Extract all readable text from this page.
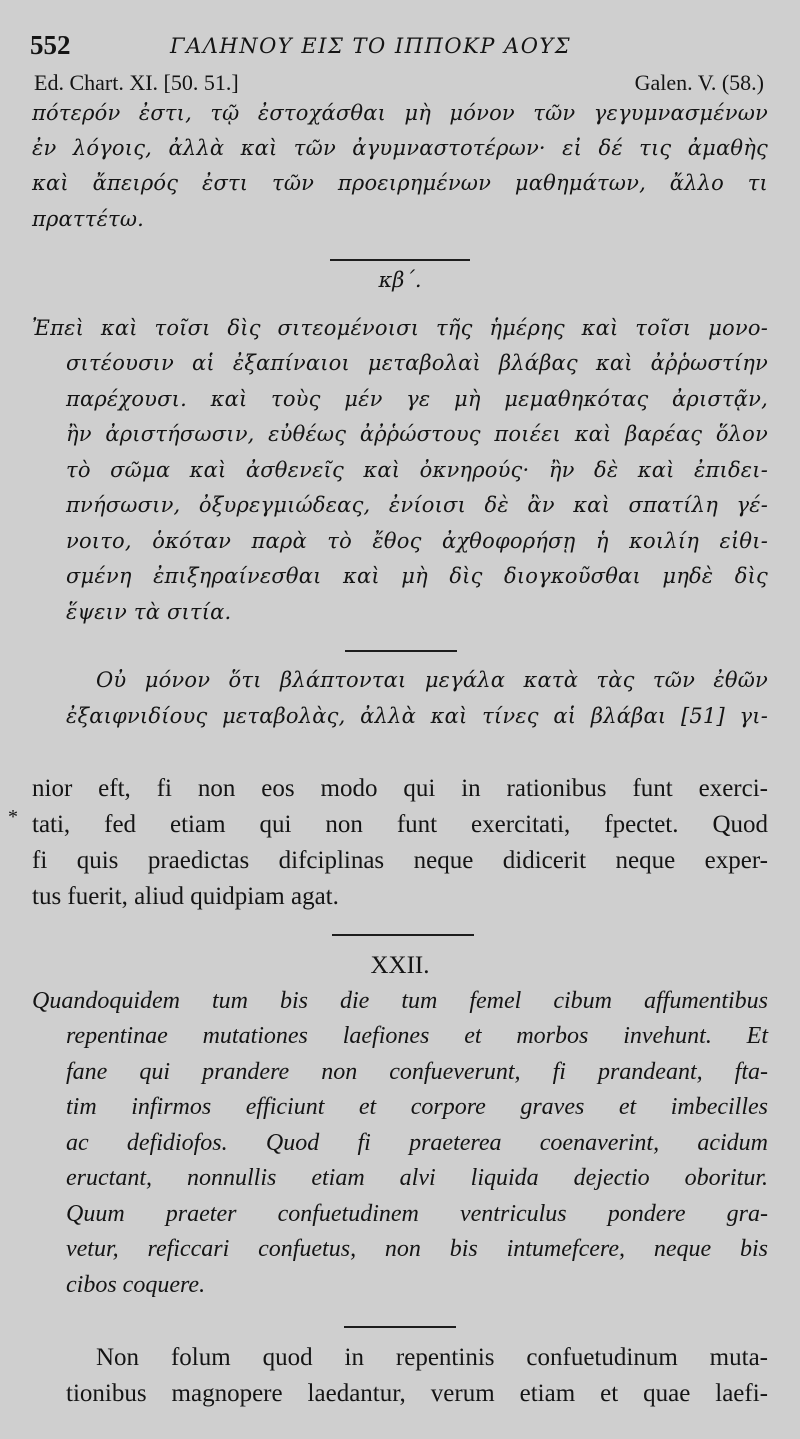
552	ΓΑΛΗΝΟΥ ΕΙΣ ΤΟ ΙΠΠΟΚΡ ΑΟΥΣ
Ed. Chart. XI. [50. 51.]	Galen. V. (58.)
πότερόν ἐστι, τῷ ἐστοχάσθαι μὴ μόνον τῶν γεγυμνασμένων
ἐν λόγοις, ἀλλὰ καὶ τῶν ἀγυμναστοτέρων· εἰ δέ τις ἀμαθὴς
καὶ ἄπειρός ἐστι τῶν προειρημένων μαθημάτων, ἄλλο τι
πραττέτω.
κβ΄.
Ἐπεὶ καὶ τοῖσι δὶς σιτεομένοισι τῆς ἡμέρης καὶ τοῖσι μονο-
σιτέουσιν αἱ ἐξαπίναιοι μεταβολαὶ βλάβας καὶ ἀῤῥωστίην
παρέχουσι. καὶ τοὺς μέν γε μὴ μεμαθηκότας ἀριστᾷν,
ἢν ἀριστήσωσιν, εὐθέως ἀῤῥώστους ποιέει καὶ βαρέας ὅλον
τὸ σῶμα καὶ ἀσθενεῖς καὶ ὀκνηρούς· ἢν δὲ καὶ ἐπιδει-
πνήσωσιν, ὀξυρεγμιώδεας, ἐνίοισι δὲ ἂν καὶ σπατίλη γέ-
νοιτο, ὁκόταν παρὰ τὸ ἔθος ἀχθοφορήσῃ ἡ κοιλίη εἰθι-
σμένη ἐπιξηραίνεσθαι καὶ μὴ δὶς διογκοῦσθαι μηδὲ δὶς
ἕψειν τὰ σιτία.
Οὐ μόνον ὅτι βλάπτονται μεγάλα κατὰ τὰς τῶν ἐθῶν
ἐξαιφνιδίους μεταβολὰς, ἀλλὰ καὶ τίνες αἱ βλάβαι [51] γι-
*
nior eft, fi non eos modo qui in rationibus funt exerci-
tati, fed etiam qui non funt exercitati, fpectet. Quod
fi quis praedictas difciplinas neque didicerit neque exper-
tus fuerit, aliud quidpiam agat.
XXII.
Quandoquidem tum bis die tum femel cibum affumentibus
repentinae mutationes laefiones et morbos invehunt. Et
fane qui prandere non confueverunt, fi prandeant, fta-
tim infirmos efficiunt et corpore graves et imbecilles
ac defidiofos. Quod fi praeterea coenaverint, acidum
eructant, nonnullis etiam alvi liquida dejectio oboritur.
Quum praeter confuetudinem ventriculus pondere gra-
vetur, reficcari confuetus, non bis intumefcere, neque bis
cibos coquere.
Non folum quod in repentinis confuetudinum muta-
tionibus magnopere laedantur, verum etiam et quae laefi-
